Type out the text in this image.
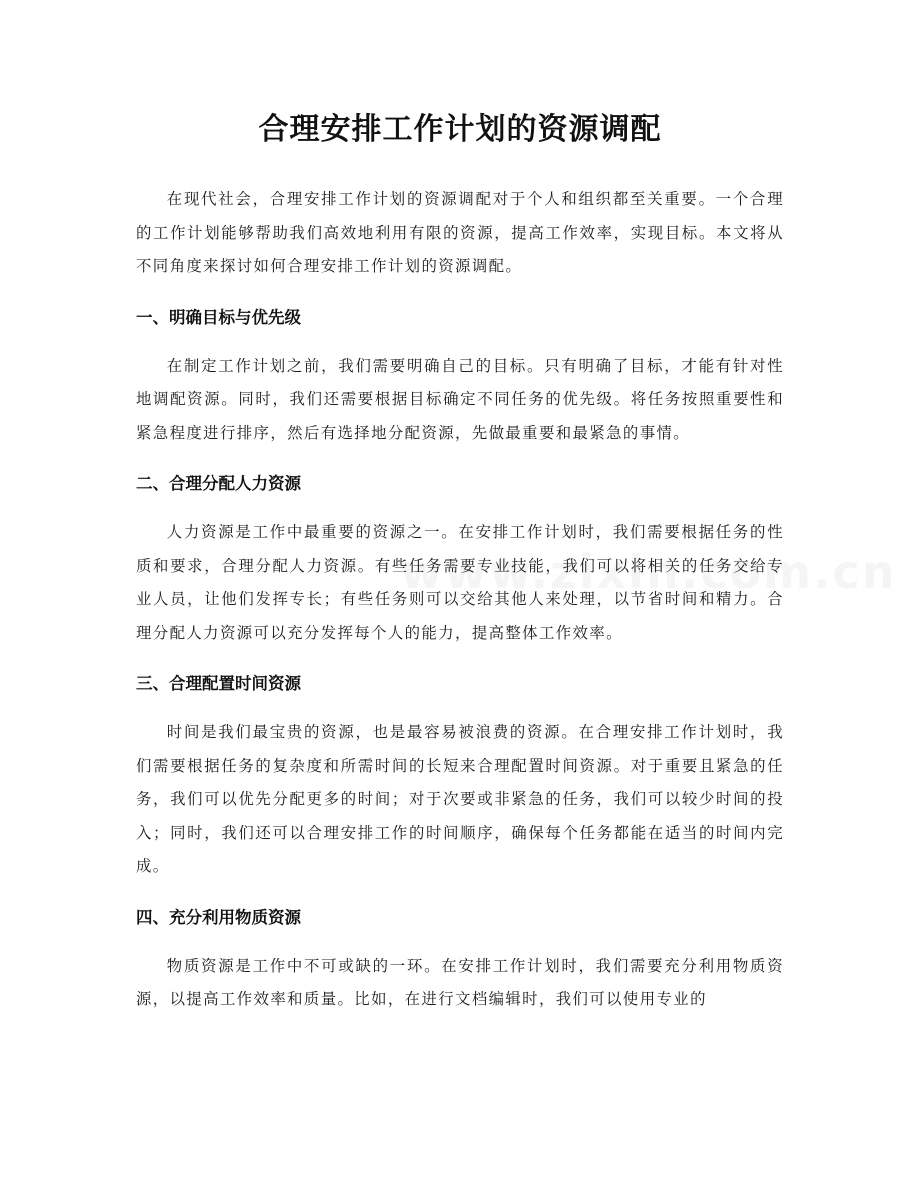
合理安排工作计划的资源调配

在现代社会，合理安排工作计划的资源调配对于个人和组织都至关重要。一个合理的工作计划能够帮助我们高效地利用有限的资源，提高工作效率，实现目标。本文将从不同角度来探讨如何合理安排工作计划的资源调配。

一、明确目标与优先级

在制定工作计划之前，我们需要明确自己的目标。只有明确了目标，才能有针对性地调配资源。同时，我们还需要根据目标确定不同任务的优先级。将任务按照重要性和紧急程度进行排序，然后有选择地分配资源，先做最重要和最紧急的事情。

二、合理分配人力资源

人力资源是工作中最重要的资源之一。在安排工作计划时，我们需要根据任务的性质和要求，合理分配人力资源。有些任务需要专业技能，我们可以将相关的任务交给专业人员，让他们发挥专长；有些任务则可以交给其他人来处理，以节省时间和精力。合理分配人力资源可以充分发挥每个人的能力，提高整体工作效率。

三、合理配置时间资源

时间是我们最宝贵的资源，也是最容易被浪费的资源。在合理安排工作计划时，我们需要根据任务的复杂度和所需时间的长短来合理配置时间资源。对于重要且紧急的任务，我们可以优先分配更多的时间；对于次要或非紧急的任务，我们可以较少时间的投入；同时，我们还可以合理安排工作的时间顺序，确保每个任务都能在适当的时间内完成。

四、充分利用物质资源

物质资源是工作中不可或缺的一环。在安排工作计划时，我们需要充分利用物质资源，以提高工作效率和质量。比如，在进行文档编辑时，我们可以使用专业的
